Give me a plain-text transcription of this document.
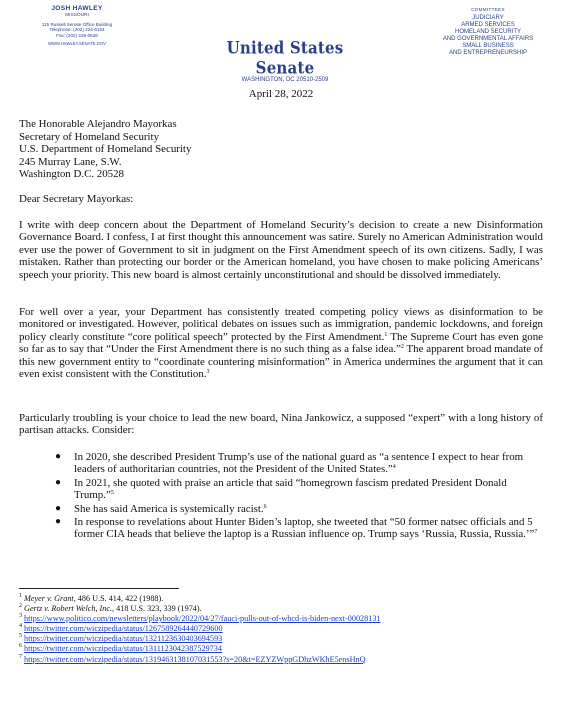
JOSH HAWLEY
MISSOURI
115 Russell Senate Office Building
Telephone: (202) 224-6154
Fax: (202) 228-0526
WWW.HAWLEY.SENATE.GOV	United States Senate
WASHINGTON, DC 20510-2509
COMMITTEES
JUDICIARY
ARMED SERVICES
HOMELAND SECURITY
AND GOVERNMENTAL AFFAIRS
SMALL BUSINESS
AND ENTREPRENEURSHIP
April 28, 2022
The Honorable Alejandro Mayorkas
Secretary of Homeland Security
U.S. Department of Homeland Security
245 Murray Lane, S.W.
Washington D.C. 20528
Dear Secretary Mayorkas:

I write with deep concern about the Department of Homeland Security’s decision to create a new Disinformation Governance Board. I confess, I at first thought this announcement was satire. Surely no American Administration would ever use the power of Government to sit in judgment on the First Amendment speech of its own citizens. Sadly, I was mistaken. Rather than protecting our border or the American homeland, you have chosen to make policing Americans’ speech your priority. This new board is almost certainly unconstitutional and should be dissolved immediately.

For well over a year, your Department has consistently treated competing policy views as disinformation to be monitored or investigated. However, political debates on issues such as immigration, pandemic lockdowns, and foreign policy clearly constitute “core political speech” protected by the First Amendment.$^1$ The Supreme Court has even gone so far as to say that “Under the First Amendment there is no such thing as a false idea.”$^2$ The apparent broad mandate of this new government entity to “coordinate countering misinformation” in America undermines the argument that it can even exist consistent with the Constitution.$^3$

Particularly troubling is your choice to lead the new board, Nina Jankowicz, a supposed “expert” with a long history of partisan attacks. Consider:

● In 2020, she described President Trump’s use of the national guard as “a sentence I expect to hear from leaders of authoritarian countries, not the President of the United States.”$^4$
● In 2021, she quoted with praise an article that said “homegrown fascism predated President Donald Trump.”$^5$
● She has said America is systemically racist.$^6$
● In response to revelations about Hunter Biden’s laptop, she tweeted that “50 former natsec officials and 5 former CIA heads that believe the laptop is a Russian influence op. Trump says ‘Russia, Russia, Russia.’”$^7$
$^1$ Meyer v. Grant, 486 U.S. 414, 422 (1988).
$^2$ Gertz v. Robert Welch, Inc., 418 U.S. 323, 339 (1974).
$^3$ https://www.politico.com/newsletters/playbook/2022/04/27/fauci-pulls-out-of-whcd-is-biden-next-00028131
$^4$ https://twitter.com/wiczipedia/status/1267589264440729600
$^5$ https://twitter.com/wiczipedia/status/1321123630403694593
$^6$ https://twitter.com/wiczipedia/status/1311123042387529734
$^7$ https://twitter.com/wiczipedia/status/1319463138107031553?s=20&t=EZYZWppGDhzWKhE5ensHnQ
